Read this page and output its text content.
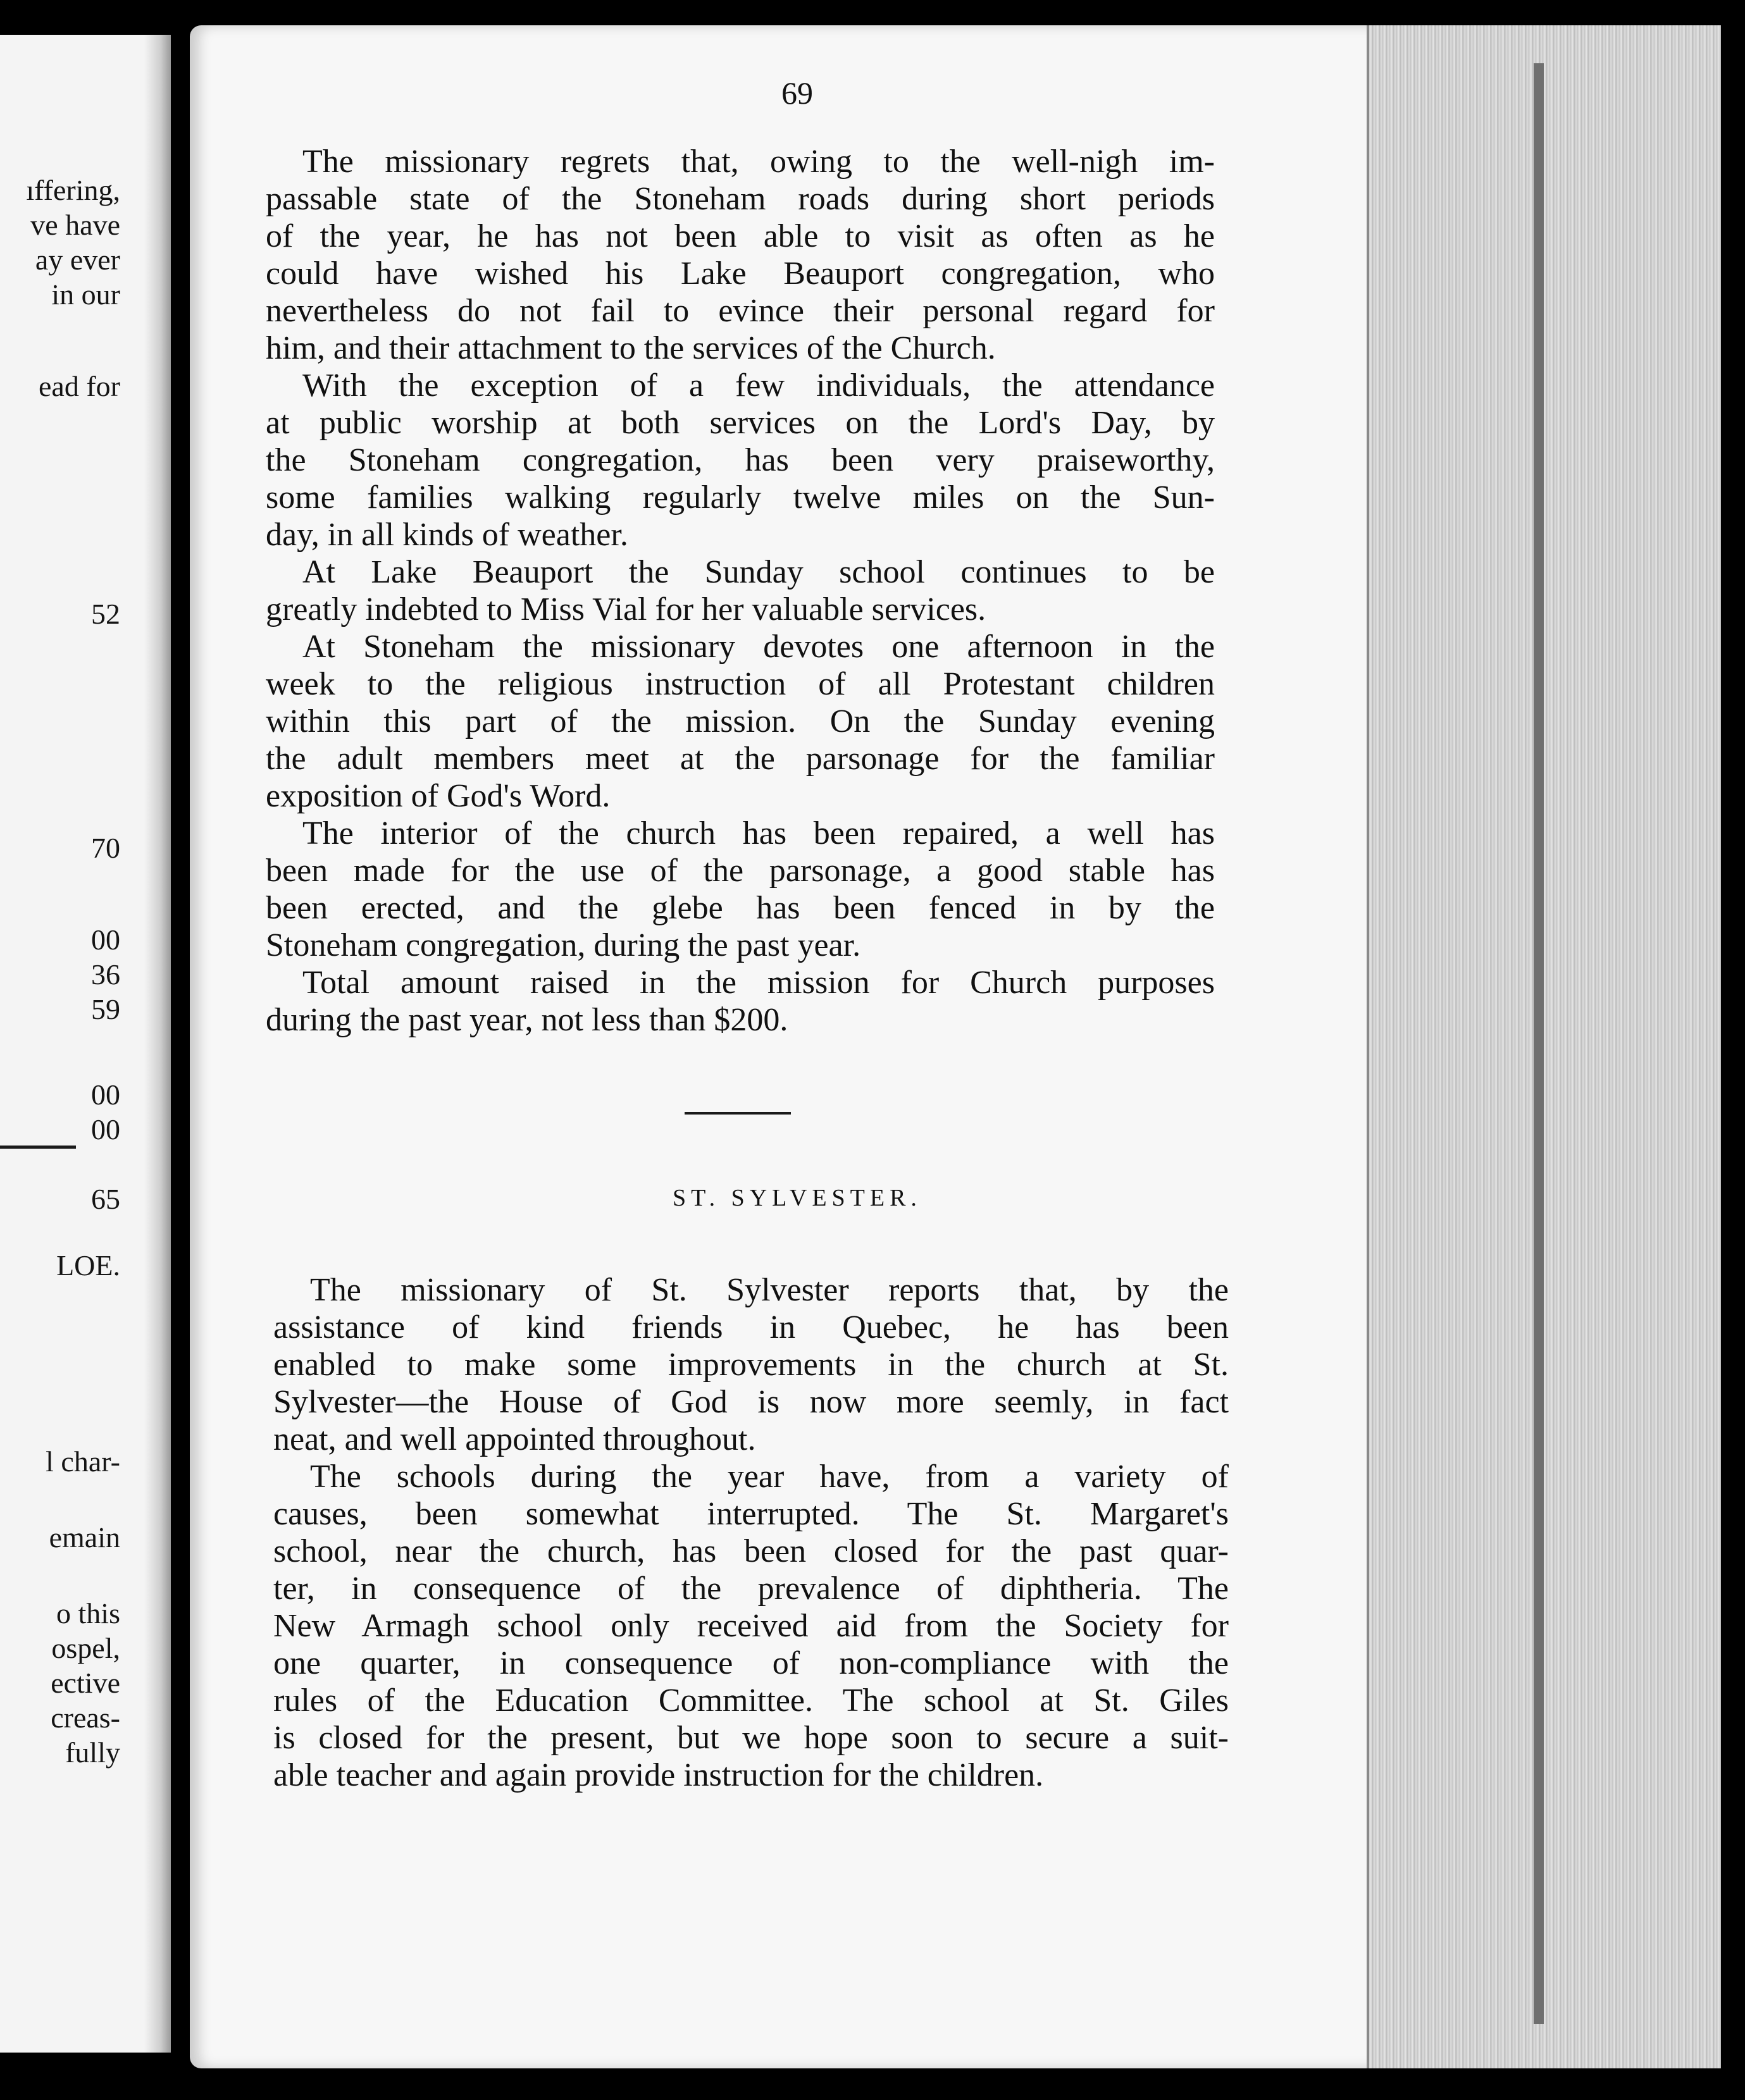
ıffering,
ve have
ay ever
in our
ead for
52
70
00
36
59
00
00
65
LOE.
l char-
emain
o this
ospel,
ective
creas-
fully
69
The missionary regrets that, owing to the well-nigh im-
passable state of the Stoneham roads during short periods
of the year, he has not been able to visit as often as he
could have wished his Lake Beauport congregation, who
nevertheless do not fail to evince their personal regard for
him, and their attachment to the services of the Church.
With the exception of a few individuals, the attendance
at public worship at both services on the Lord's Day, by
the Stoneham congregation, has been very praiseworthy,
some families walking regularly twelve miles on the Sun-
day, in all kinds of weather.
At Lake Beauport the Sunday school continues to be
greatly indebted to Miss Vial for her valuable services.
At Stoneham the missionary devotes one afternoon in the
week to the religious instruction of all Protestant children
within this part of the mission. On the Sunday evening
the adult members meet at the parsonage for the familiar
exposition of God's Word.
The interior of the church has been repaired, a well has
been made for the use of the parsonage, a good stable has
been erected, and the glebe has been fenced in by the
Stoneham congregation, during the past year.
Total amount raised in the mission for Church purposes
during the past year, not less than $200.
ST. SYLVESTER.
The missionary of St. Sylvester reports that, by the
assistance of kind friends in Quebec, he has been
enabled to make some improvements in the church at St.
Sylvester—the House of God is now more seemly, in fact
neat, and well appointed throughout.
The schools during the year have, from a variety of
causes, been somewhat interrupted. The St. Margaret's
school, near the church, has been closed for the past quar-
ter, in consequence of the prevalence of diphtheria. The
New Armagh school only received aid from the Society for
one quarter, in consequence of non-compliance with the
rules of the Education Committee. The school at St. Giles
is closed for the present, but we hope soon to secure a suit-
able teacher and again provide instruction for the children.
